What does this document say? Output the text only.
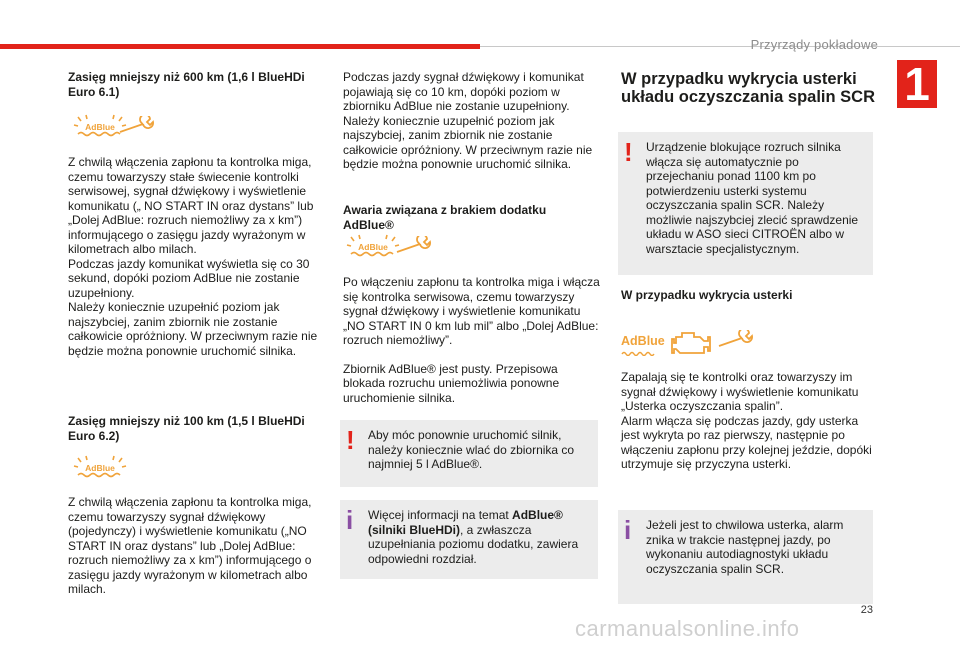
Przyrządy pokładowe
1

Zasięg mniejszy niż 600 km (1,6 l BlueHDi Euro 6.1)

AdBlue

Z chwilą włączenia zapłonu ta kontrolka miga, czemu towarzyszy stałe świecenie kontrolki serwisowej, sygnał dźwiękowy i wyświetlenie komunikatu („ NO START IN oraz dystans” lub „Dolej AdBlue: rozruch niemożliwy za x km”) informującego o zasięgu jazdy wyrażonym w kilometrach albo milach.

Podczas jazdy komunikat wyświetla się co 30 sekund, dopóki poziom AdBlue nie zostanie uzupełniony.

Należy koniecznie uzupełnić poziom jak najszybciej, zanim zbiornik nie zostanie całkowicie opróżniony. W przeciwnym razie nie będzie można ponownie uruchomić silnika.

Zasięg mniejszy niż 100 km (1,5 l BlueHDi Euro 6.2)

AdBlue

Z chwilą włączenia zapłonu ta kontrolka miga, czemu towarzyszy sygnał dźwiękowy (pojedynczy) i wyświetlenie komunikatu („NO START IN oraz dystans” lub „Dolej AdBlue: rozruch niemożliwy za x km”) informującego o zasięgu jazdy wyrażonym w kilometrach albo milach.

Podczas jazdy sygnał dźwiękowy i komunikat pojawiają się co 10 km, dopóki poziom w zbiorniku AdBlue nie zostanie uzupełniony. Należy koniecznie uzupełnić poziom jak najszybciej, zanim zbiornik nie zostanie całkowicie opróżniony. W przeciwnym razie nie będzie można ponownie uruchomić silnika.

Awaria związana z brakiem dodatku AdBlue®

AdBlue

Po włączeniu zapłonu ta kontrolka miga i włącza się kontrolka serwisowa, czemu towarzyszy sygnał dźwiękowy i wyświetlenie komunikatu „NO START IN 0 km lub mil” albo „Dolej AdBlue: rozruch niemożliwy”.

Zbiornik AdBlue® jest pusty. Przepisowa blokada rozruchu uniemożliwia ponowne uruchomienie silnika.

! Aby móc ponownie uruchomić silnik, należy koniecznie wlać do zbiornika co najmniej 5 l AdBlue®.
i Więcej informacji na temat AdBlue® (silniki BlueHDi), a zwłaszcza uzupełniania poziomu dodatku, zawiera odpowiedni rozdział.

W przypadku wykrycia usterki układu oczyszczania spalin SCR

! Urządzenie blokujące rozruch silnika włącza się automatycznie po przejechaniu ponad 1100 km po potwierdzeniu usterki systemu oczyszczania spalin SCR. Należy możliwie najszybciej zlecić sprawdzenie układu w ASO sieci CITROËN albo w warsztacie specjalistycznym.

W przypadku wykrycia usterki

AdBlue

Zapalają się te kontrolki oraz towarzyszy im sygnał dźwiękowy i wyświetlenie komunikatu „Usterka oczyszczania spalin”.

Alarm włącza się podczas jazdy, gdy usterka jest wykryta po raz pierwszy, następnie po włączeniu zapłonu przy kolejnej jeździe, dopóki utrzymuje się przyczyna usterki.

i Jeżeli jest to chwilowa usterka, alarm znika w trakcie następnej jazdy, po wykonaniu autodiagnostyki układu oczyszczania spalin SCR.
23
carmanualsonline.info
